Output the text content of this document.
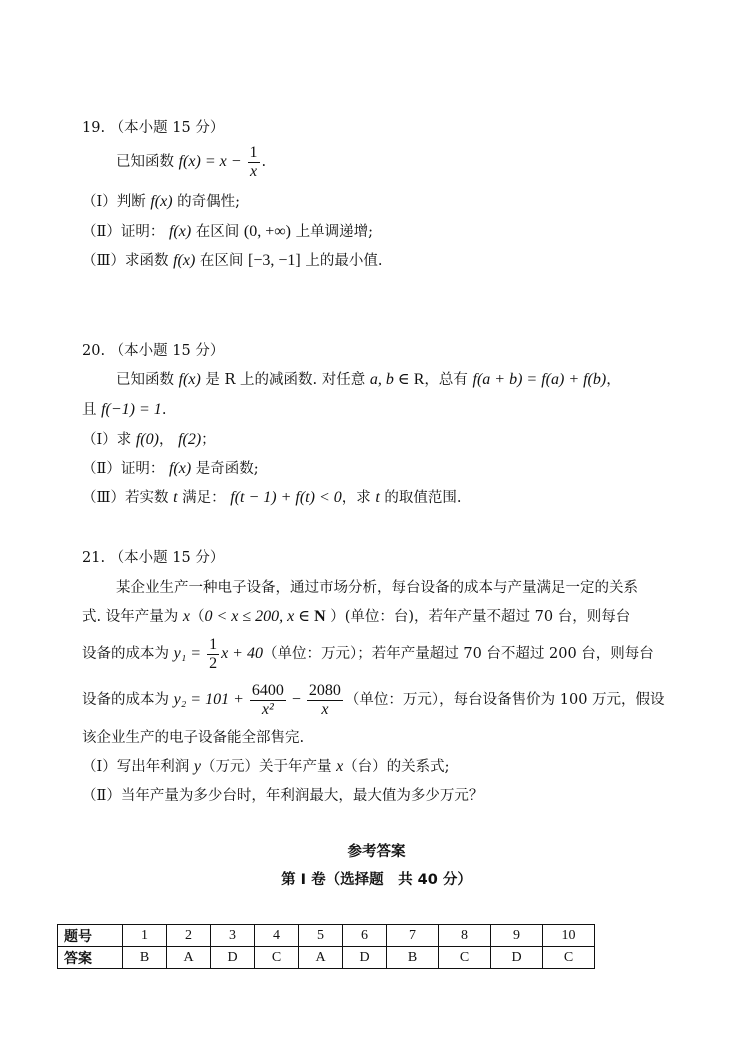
19. （本小题 15 分）
已知函数 $f(x) = x - \frac{1}{x}$ .
（Ⅰ）判断 f(x) 的奇偶性;
（Ⅱ）证明： f(x) 在区间 (0, +∞) 上单调递增;
（Ⅲ）求函数 f(x) 在区间 [−3, −1] 上的最小值.
20. （本小题 15 分）
已知函数 f(x) 是 R 上的减函数. 对任意 a, b ∈ R，总有 f(a + b) = f(a) + f(b)，
且 f(−1) = 1.
（Ⅰ）求 f(0)， f(2)；
（Ⅱ）证明： f(x) 是奇函数;
（Ⅲ）若实数 t 满足： f(t − 1) + f(t) < 0，求 t 的取值范围.
21. （本小题 15 分）
某企业生产一种电子设备，通过市场分析，每台设备的成本与产量满足一定的关系
式. 设年产量为 x（0 < x ≤ 200, x ∈ N ）(单位：台)，若年产量不超过 70 台，则每台
设备的成本为 $y_1 = \frac{1}{2}$ x + 40（单位：万元）；若年产量超过 70 台不超过 200 台，则每台
设备的成本为 $y_2 = 101 + \frac{6400}{\text{x²}} - \frac{2080}{x}$ （单位：万元），每台设备售价为 100 万元，假设
该企业生产的电子设备能全部售完.
（Ⅰ）写出年利润 y（万元）关于年产量 x（台）的关系式;
（Ⅱ）当年产量为多少台时，年利润最大，最大值为多少万元？
参考答案
第 I 卷（选择题　共 40 分）
题号	1	2	3	4	5	6	7	8	9	10
答案	B	A	D	C	A	D	B	C	D	C
